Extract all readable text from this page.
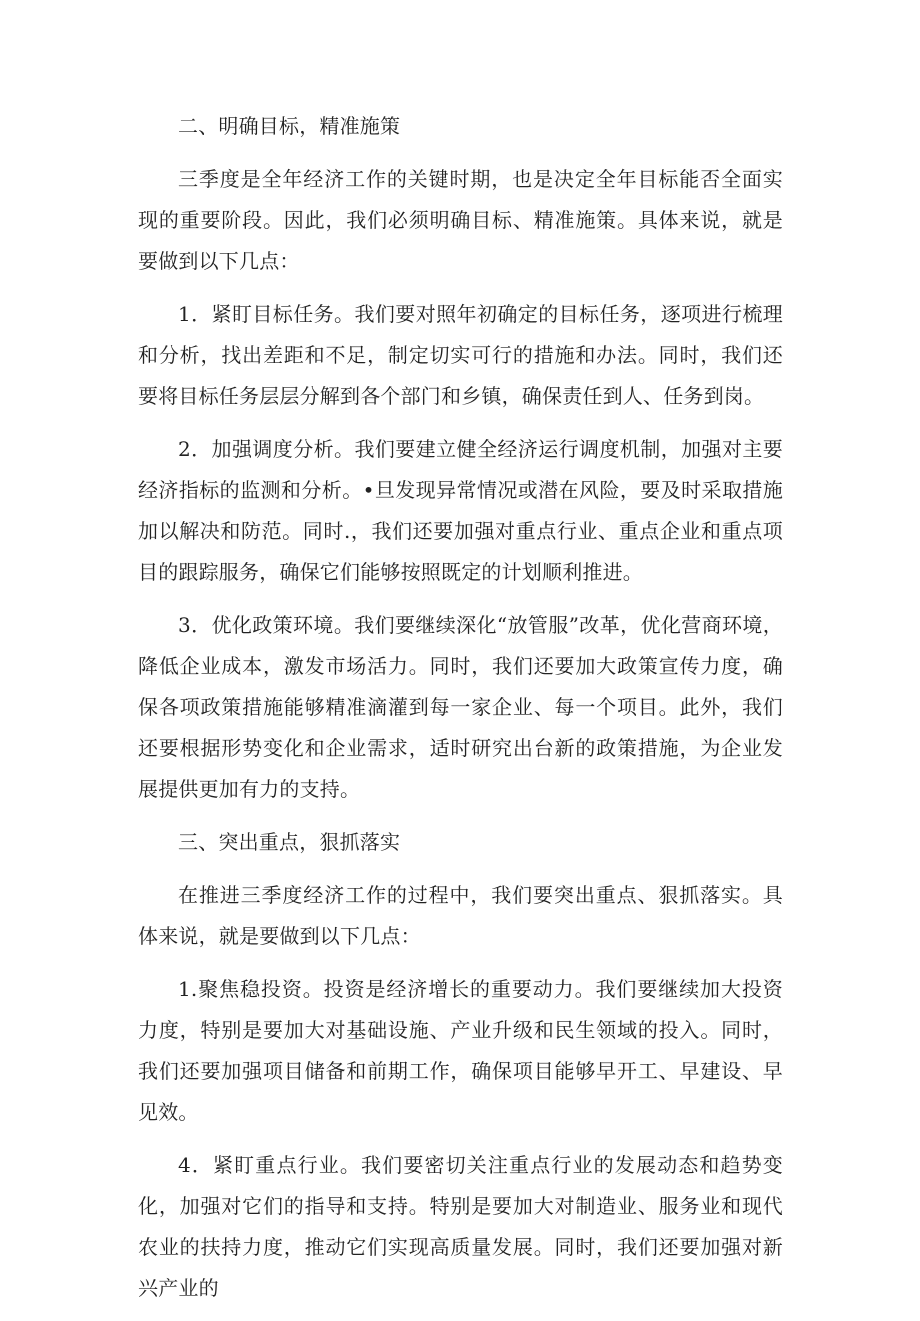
二、明确目标，精准施策

三季度是全年经济工作的关键时期，也是决定全年目标能否全面实现的重要阶段。因此，我们必须明确目标、精准施策。具体来说，就是要做到以下几点：

1．紧盯目标任务。我们要对照年初确定的目标任务，逐项进行梳理和分析，找出差距和不足，制定切实可行的措施和办法。同时，我们还要将目标任务层层分解到各个部门和乡镇，确保责任到人、任务到岗。

2．加强调度分析。我们要建立健全经济运行调度机制，加强对主要经济指标的监测和分析。•旦发现异常情况或潜在风险，要及时采取措施加以解决和防范。同时.，我们还要加强对重点行业、重点企业和重点项目的跟踪服务，确保它们能够按照既定的计划顺利推进。

3．优化政策环境。我们要继续深化“放管服”改革，优化营商环境，降低企业成本，激发市场活力。同时，我们还要加大政策宣传力度，确保各项政策措施能够精准滴灌到每一家企业、每一个项目。此外，我们还要根据形势变化和企业需求，适时研究出台新的政策措施，为企业发展提供更加有力的支持。

三、突出重点，狠抓落实

在推进三季度经济工作的过程中，我们要突出重点、狠抓落实。具体来说，就是要做到以下几点：

1.聚焦稳投资。投资是经济增长的重要动力。我们要继续加大投资力度，特别是要加大对基础设施、产业升级和民生领域的投入。同时，我们还要加强项目储备和前期工作，确保项目能够早开工、早建设、早见效。

4．紧盯重点行业。我们要密切关注重点行业的发展动态和趋势变化，加强对它们的指导和支持。特别是要加大对制造业、服务业和现代农业的扶持力度，推动它们实现高质量发展。同时，我们还要加强对新兴产业的
